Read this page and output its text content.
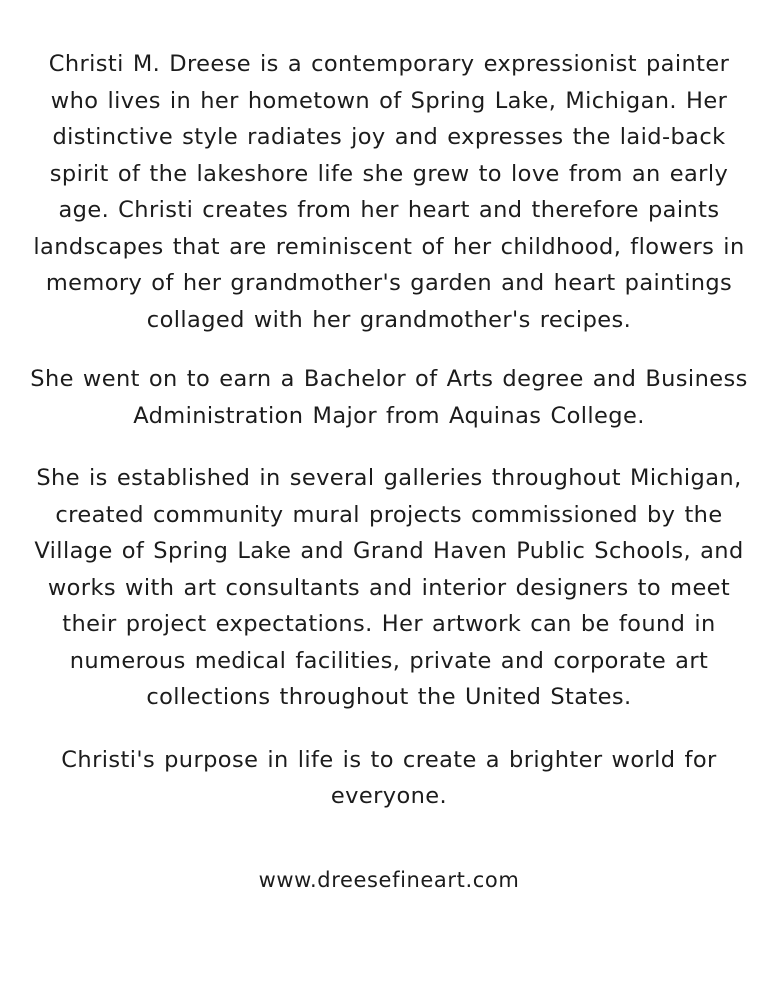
Christi M. Dreese is a contemporary expressionist painter who lives in her hometown of Spring Lake, Michigan. Her distinctive style radiates joy and expresses the laid-back spirit of the lakeshore life she grew to love from an early age. Christi creates from her heart and therefore paints landscapes that are reminiscent of her childhood, flowers in memory of her grandmother's garden and heart paintings collaged with her grandmother's recipes.

She went on to earn a Bachelor of Arts degree and Business Administration Major from Aquinas College.

She is established in several galleries throughout Michigan, created community mural projects commissioned by the Village of Spring Lake and Grand Haven Public Schools, and works with art consultants and interior designers to meet their project expectations. Her artwork can be found in numerous medical facilities, private and corporate art collections throughout the United States.

Christi's purpose in life is to create a brighter world for everyone.

www.dreesefineart.com
